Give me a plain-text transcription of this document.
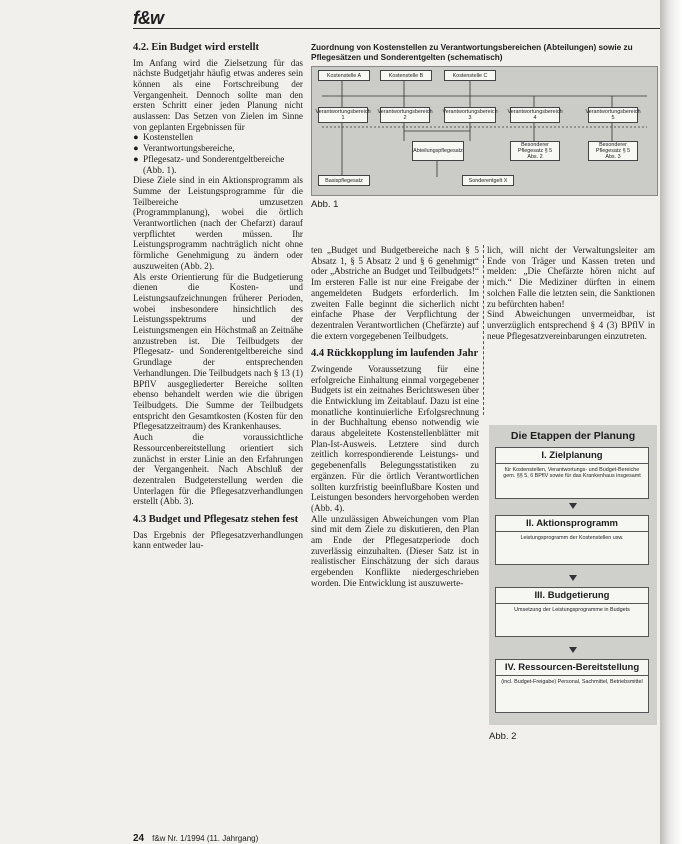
f&w
4.2. Ein Budget wird erstellt

Im Anfang wird die Zielsetzung für das nächste Budgetjahr häufig etwas anderes sein können als eine Fortschreibung der Vergangenheit. Dennoch sollte man den ersten Schritt einer jeden Planung nicht auslassen: Das Setzen von Zielen im Sinne von geplanten Ergebnissen für

● Kostenstellen
● Verantwortungsbereiche,
● Pflegesatz- und Sonderentgeltbereiche (Abb. 1).

Diese Ziele sind in ein Aktionsprogramm als Summe der Leistungsprogramme für die Teilbereiche umzusetzen (Programmplanung), wobei die örtlich Verantwortlichen (nach der Chefarzt) darauf verpflichtet werden müssen. Ihr Leistungsprogramm nachträglich nicht ohne förmliche Genehmigung zu ändern oder auszuweiten (Abb. 2).

Als erste Orientierung für die Budgetierung dienen die Kosten- und Leistungsaufzeichnungen früherer Perioden, wobei insbesondere hinsichtlich des Leistungsspektrums und der Leistungsmengen ein Höchstmaß an Zeitnähe anzustreben ist. Die Teilbudgets der Pflegesatz- und Sonderentgeltbereiche sind Grundlage der entsprechenden Verhandlungen. Die Teilbudgets nach § 13 (1) BPflV ausgegliederter Bereiche sollten ebenso behandelt werden wie die übrigen Teilbudgets. Die Summe der Teilbudgets entspricht den Gesamtkosten (Kosten für den Pflegesatzzeitraum) des Krankenhauses.

Auch die voraussichtliche Ressourcenbereitstellung orientiert sich zunächst in erster Linie an den Erfahrungen der Vergangenheit. Nach Abschluß der dezentralen Budgeterstellung werden die Unterlagen für die Pflegesatzverhandlungen erstellt (Abb. 3).

4.3 Budget und Pflegesatz stehen fest

Das Ergebnis der Pflegesatzverhandlungen kann entweder lau-

Zuordnung von Kostenstellen zu Verantwortungsbereichen (Abteilungen) sowie zu Pflegesätzen und Sonderentgelten (schematisch)
Kostenstelle A	Kostenstelle B	Kostenstelle C
Verantwortungsbereich 1
Verantwortungsbereich 2
Verantwortungsbereich 3
Verantwortungsbereich 4
Verantwortungsbereich 5
Abteilungspflegesatz
Besonderer Pflegesatz § 5 Abs. 2
Besonderer Pflegesatz § 5 Abs. 3
Basispflegesatz	Sonderentgelt X
Abb. 1

ten „Budget und Budgetbereiche nach § 5 Absatz 1, § 5 Absatz 2 und § 6 genehmigt“ oder „Abstriche an Budget und Teilbudgets!“ Im ersteren Falle ist nur eine Freigabe der angemeldeten Budgets erforderlich. Im zweiten Falle beginnt die sicherlich nicht einfache Phase der Verpflichtung der dezentralen Verantwortlichen (Chefärzte) auf die extern vorgegebenen Teilbudgets.

4.4 Rückkopplung im laufenden Jahr

Zwingende Voraussetzung für eine erfolgreiche Einhaltung einmal vorgegebener Budgets ist ein zeitnahes Berichtswesen über die Entwicklung im Zeitablauf. Dazu ist eine monatliche kontinuierliche Erfolgsrechnung in der Buchhaltung ebenso notwendig wie daraus abgeleitete Kostenstellenblätter mit Plan-Ist-Ausweis. Letztere sind durch zeitlich korrespondierende Leistungs- und gegebenenfalls Belegungsstatistiken zu ergänzen. Für die örtlich Verantwortlichen sollten kurzfristig beeinflußbare Kosten und Leistungen besonders hervorgehoben werden (Abb. 4).

Alle unzulässigen Abweichungen vom Plan sind mit dem Ziele zu diskutieren, den Plan am Ende der Pflegesatzperiode doch zuverlässig einzuhalten. (Dieser Satz ist in realistischer Einschätzung der sich daraus ergebenden Konflikte niedergeschrieben worden. Die Entwicklung ist auszuwerte-

lich, will nicht der Verwaltungsleiter am Ende von Träger und Kassen treten und melden: „Die Chefärzte hören nicht auf mich.“ Die Mediziner dürften in einem solchen Falle die letzten sein, die Sanktionen zu befürchten haben!

Sind Abweichungen unvermeidbar, ist unverzüglich entsprechend § 4 (3) BPflV in neue Pflegesatzvereinbarungen einzutreten.

Die Etappen der Planung
I. Zielplanung
für Kostenstellen, Verantwortungs- und Budget-Bereiche gem. §§ 5, 6 BPflV sowie für das Krankenhaus insgesamt
II. Aktionsprogramm
Leistungsprogramm der Kostenstellen usw.
III. Budgetierung
Umsetzung der Leistungsprogramme in Budgets
IV. Ressourcen-Bereitstellung
(incl. Budget-Freigabe) Personal, Sachmittel, Betriebsmittel
Abb. 2
24 f&w Nr. 1/1994 (11. Jahrgang)
